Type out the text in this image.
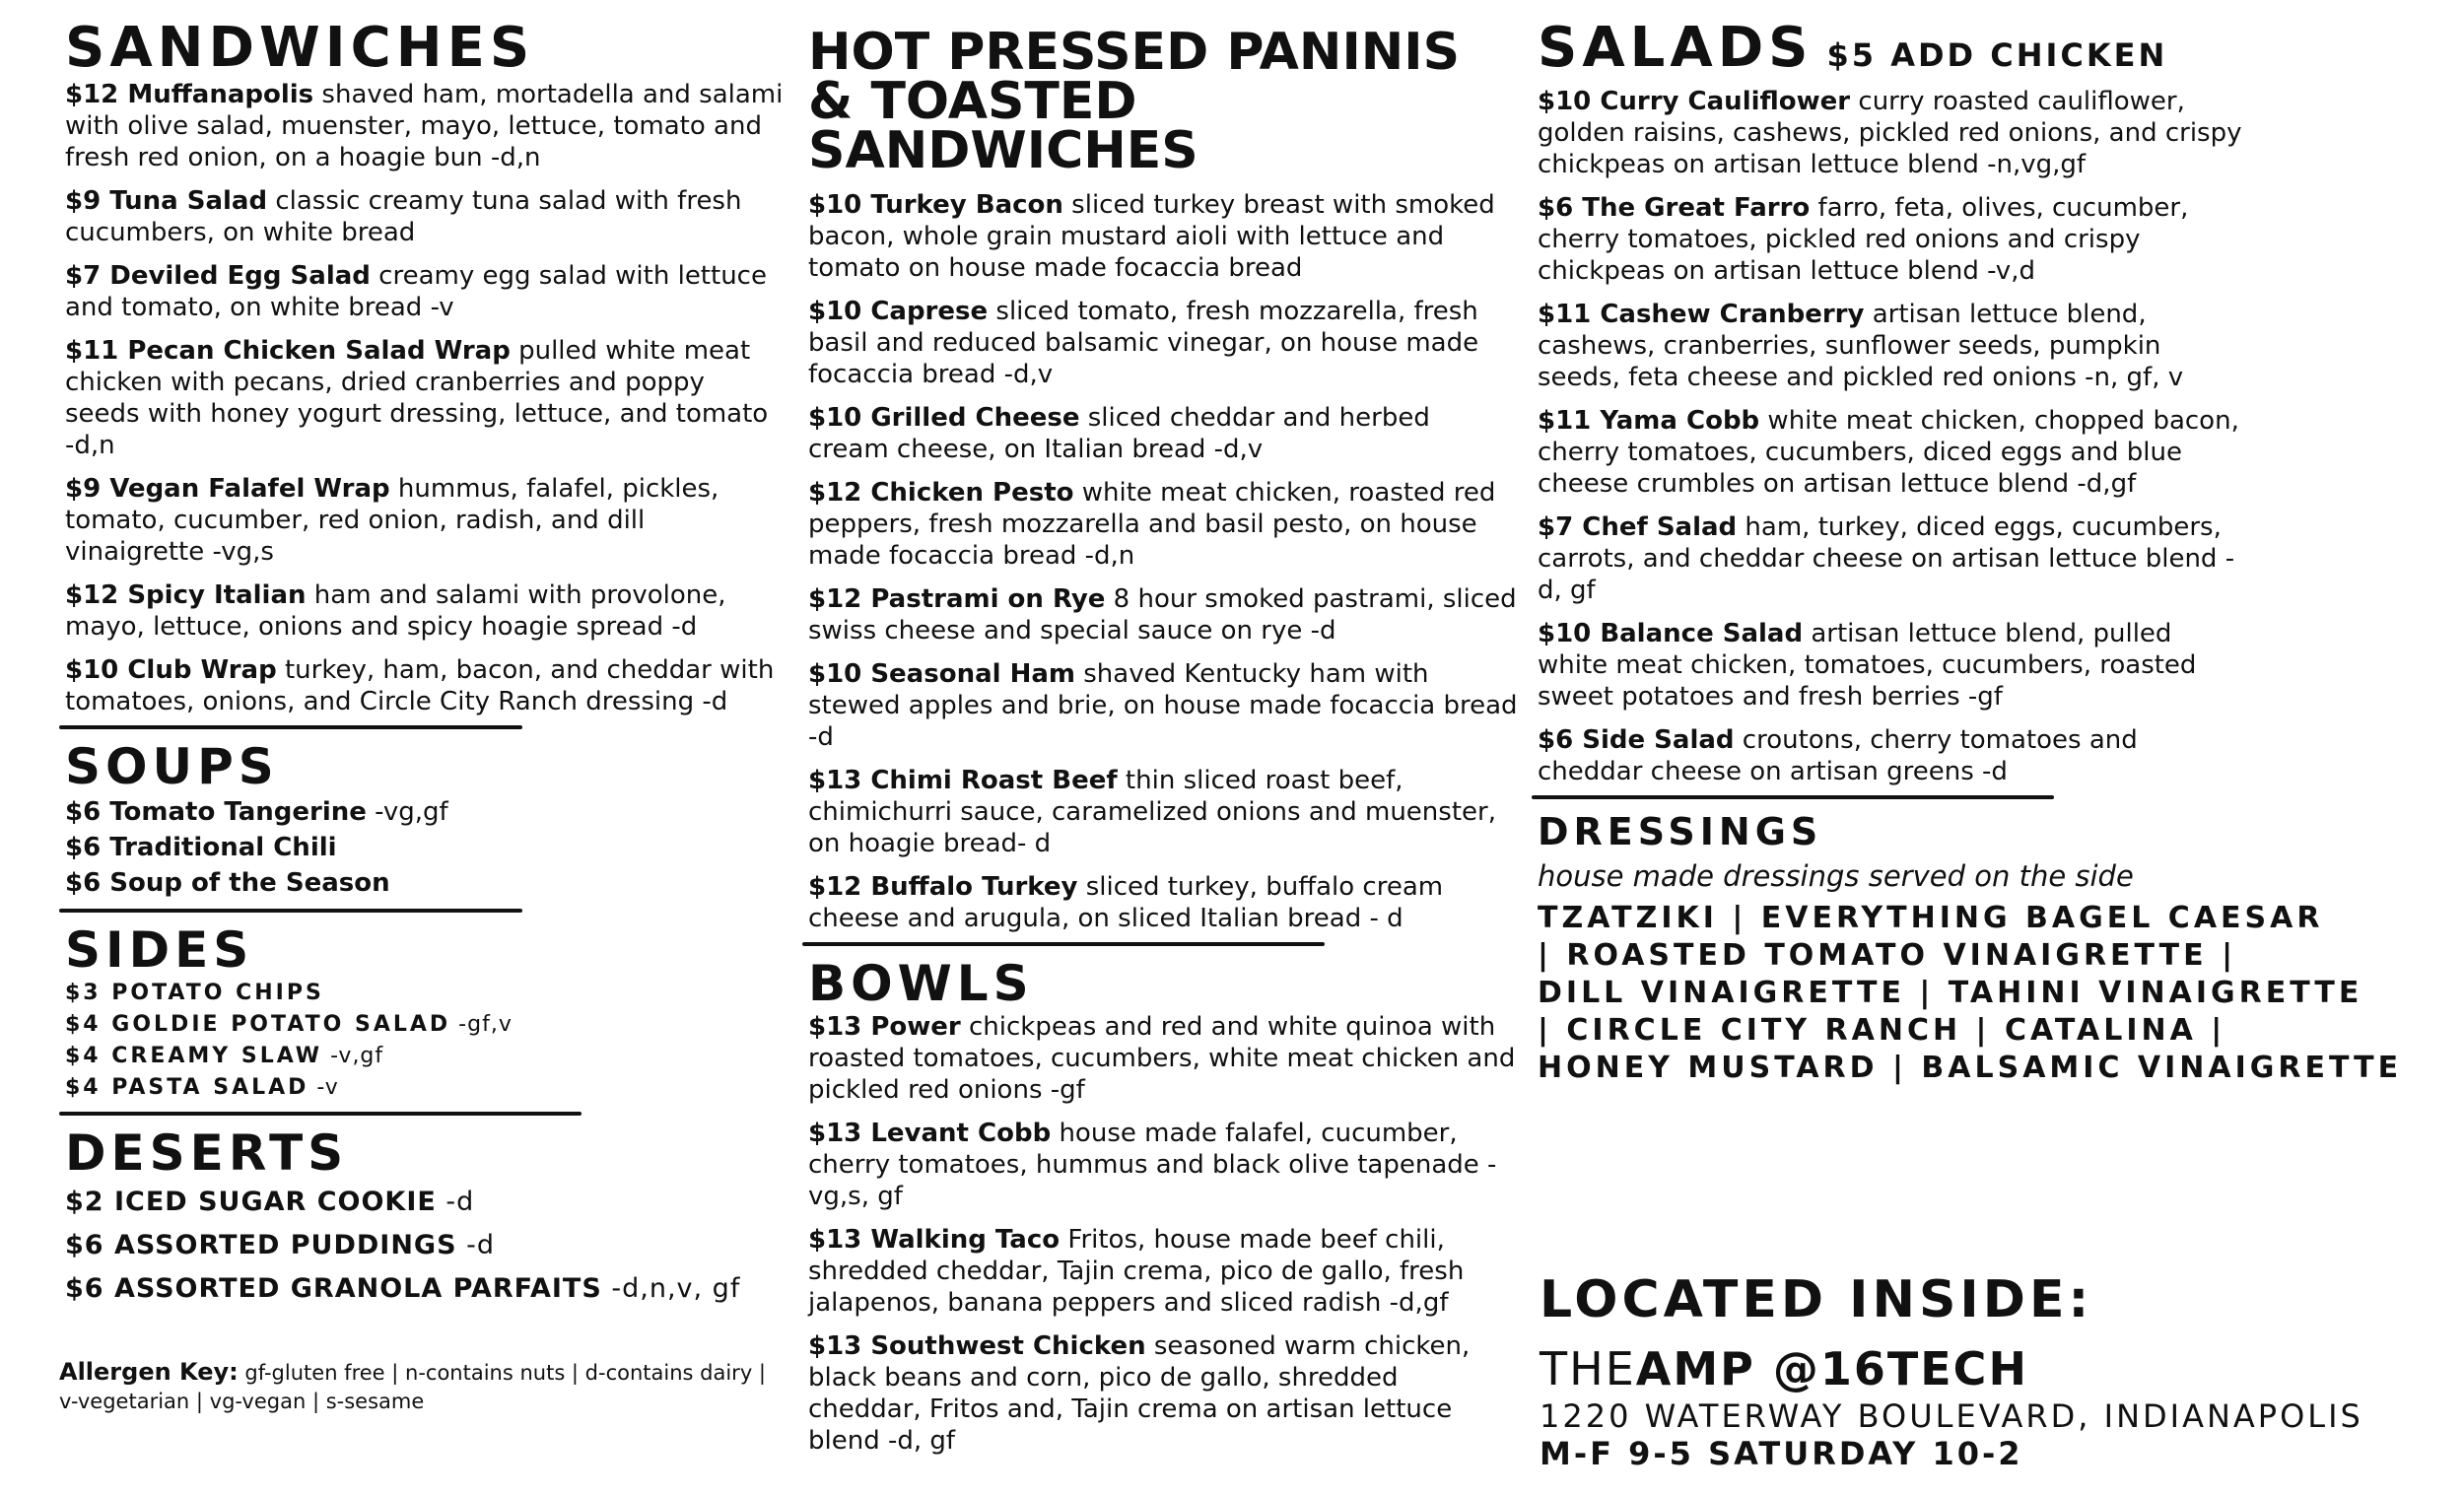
SANDWICHES

$12 Muffanapolis shaved ham, mortadella and salami with olive salad, muenster, mayo, lettuce, tomato and fresh red onion, on a hoagie bun -d,n

$9 Tuna Salad classic creamy tuna salad with fresh cucumbers, on white bread

$7 Deviled Egg Salad creamy egg salad with lettuce and tomato, on white bread -v

$11 Pecan Chicken Salad Wrap pulled white meat chicken with pecans, dried cranberries and poppy seeds with honey yogurt dressing, lettuce, and tomato -d,n

$9 Vegan Falafel Wrap hummus, falafel, pickles, tomato, cucumber, red onion, radish, and dill vinaigrette -vg,s

$12 Spicy Italian ham and salami with provolone, mayo, lettuce, onions and spicy hoagie spread -d

$10 Club Wrap turkey, ham, bacon, and cheddar with tomatoes, onions, and Circle City Ranch dressing -d

SOUPS
$6 Tomato Tangerine -vg,gf
$6 Traditional Chili
$6 Soup of the Season
SIDES
$3 POTATO CHIPS
$4 GOLDIE POTATO SALAD -gf,v
$4 CREAMY SLAW -v,gf
$4 PASTA SALAD -v
DESERTS
$2 ICED SUGAR COOKIE -d
$6 ASSORTED PUDDINGS -d
$6 ASSORTED GRANOLA PARFAITS -d,n,v, gf
Allergen Key: gf-gluten free | n-contains nuts | d-contains dairy | v-vegetarian | vg-vegan | s-sesame
HOT PRESSED PANINIS & TOASTED SANDWICHES

$10 Turkey Bacon sliced turkey breast with smoked bacon, whole grain mustard aioli with lettuce and tomato on house made focaccia bread

$10 Caprese sliced tomato, fresh mozzarella, fresh basil and reduced balsamic vinegar, on house made focaccia bread -d,v

$10 Grilled Cheese sliced cheddar and herbed cream cheese, on Italian bread -d,v

$12 Chicken Pesto white meat chicken, roasted red peppers, fresh mozzarella and basil pesto, on house made focaccia bread -d,n

$12 Pastrami on Rye 8 hour smoked pastrami, sliced swiss cheese and special sauce on rye -d

$10 Seasonal Ham shaved Kentucky ham with stewed apples and brie, on house made focaccia bread -d

$13 Chimi Roast Beef thin sliced roast beef, chimichurri sauce, caramelized onions and muenster, on hoagie bread- d

$12 Buffalo Turkey sliced turkey, buffalo cream cheese and arugula, on sliced Italian bread - d

BOWLS

$13 Power chickpeas and red and white quinoa with roasted tomatoes, cucumbers, white meat chicken and pickled red onions -gf

$13 Levant Cobb house made falafel, cucumber, cherry tomatoes, hummus and black olive tapenade -vg,s, gf

$13 Walking Taco Fritos, house made beef chili, shredded cheddar, Tajin crema, pico de gallo, fresh jalapenos, banana peppers and sliced radish -d,gf

$13 Southwest Chicken seasoned warm chicken, black beans and corn, pico de gallo, shredded cheddar, Fritos and, Tajin crema on artisan lettuce blend -d, gf

SALADS $5 ADD CHICKEN

$10 Curry Cauliflower curry roasted cauliflower, golden raisins, cashews, pickled red onions, and crispy chickpeas on artisan lettuce blend -n,vg,gf

$6 The Great Farro farro, feta, olives, cucumber, cherry tomatoes, pickled red onions and crispy chickpeas on artisan lettuce blend -v,d

$11 Cashew Cranberry artisan lettuce blend, cashews, cranberries, sunflower seeds, pumpkin seeds, feta cheese and pickled red onions -n, gf, v

$11 Yama Cobb white meat chicken, chopped bacon, cherry tomatoes, cucumbers, diced eggs and blue cheese crumbles on artisan lettuce blend -d,gf

$7 Chef Salad ham, turkey, diced eggs, cucumbers, carrots, and cheddar cheese on artisan lettuce blend -d, gf

$10 Balance Salad artisan lettuce blend, pulled white meat chicken, tomatoes, cucumbers, roasted sweet potatoes and fresh berries -gf

$6 Side Salad croutons, cherry tomatoes and cheddar cheese on artisan greens -d

DRESSINGS
house made dressings served on the side
TZATZIKI | EVERYTHING BAGEL CAESAR
| ROASTED TOMATO VINAIGRETTE |
DILL VINAIGRETTE | TAHINI VINAIGRETTE
| CIRCLE CITY RANCH | CATALINA |
HONEY MUSTARD | BALSAMIC VINAIGRETTE
LOCATED INSIDE:
THEAMP @16TECH
1220 WATERWAY BOULEVARD, INDIANAPOLIS
M-F 9-5 SATURDAY 10-2
